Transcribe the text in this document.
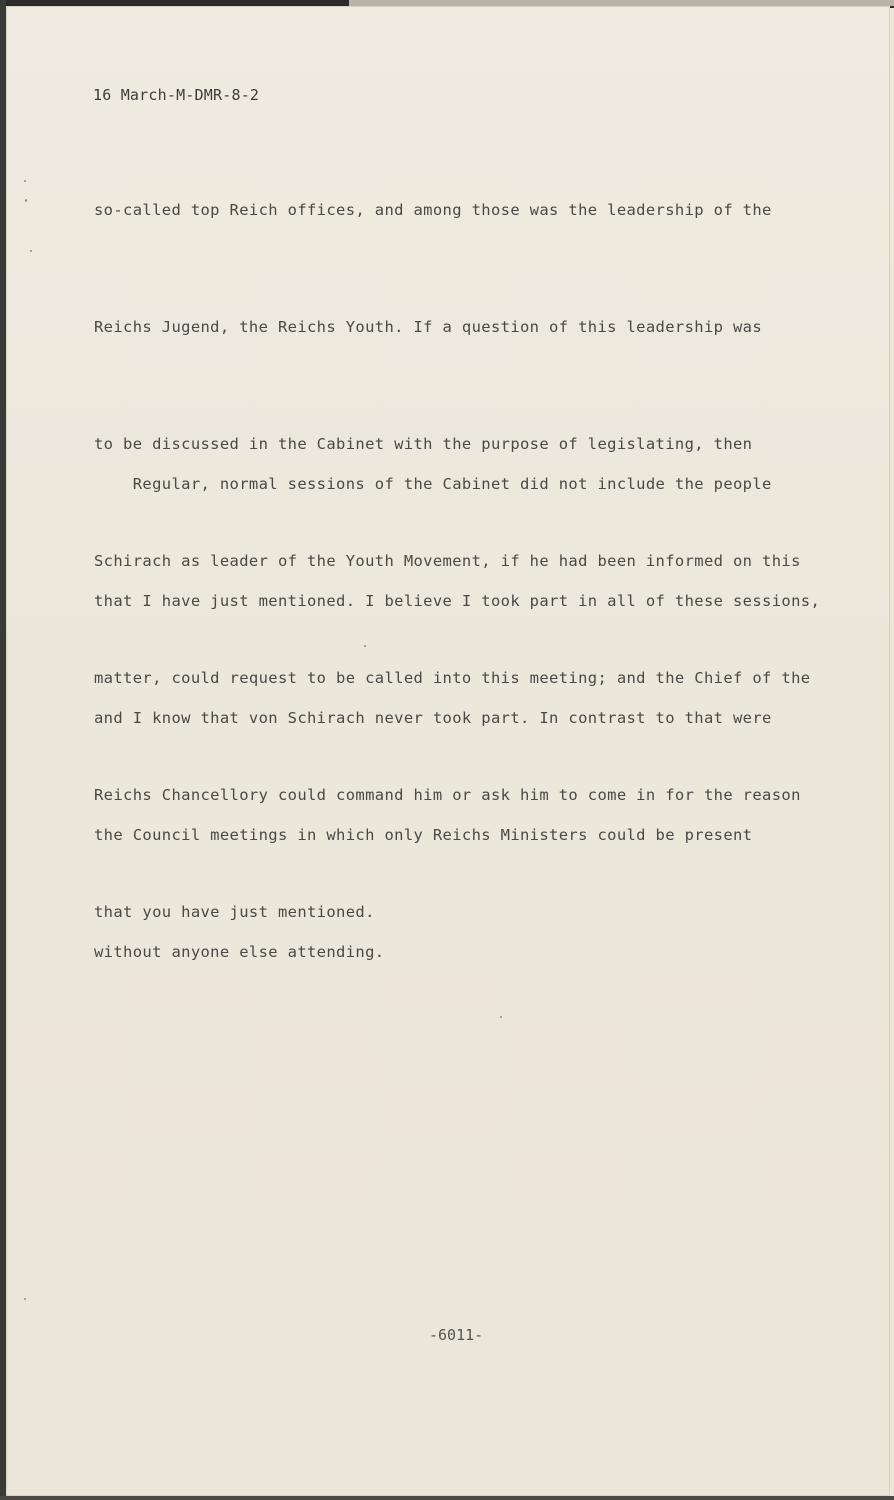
16 March-M-DMR-8-2

so-called top Reich offices, and among those was the leadership of the

Reichs Jugend, the Reichs Youth. If a question of this leadership was

to be discussed in the Cabinet with the purpose of legislating, then

Schirach as leader of the Youth Movement, if he had been informed on this

matter, could request to be called into this meeting; and the Chief of the

Reichs Chancellory could command him or ask him to come in for the reason

that you have just mentioned.

Regular, normal sessions of the Cabinet did not include the people

that I have just mentioned. I believe I took part in all of these sessions,

and I know that von Schirach never took part. In contrast to that were

the Council meetings in which only Reichs Ministers could be present

without anyone else attending.

-6011-
